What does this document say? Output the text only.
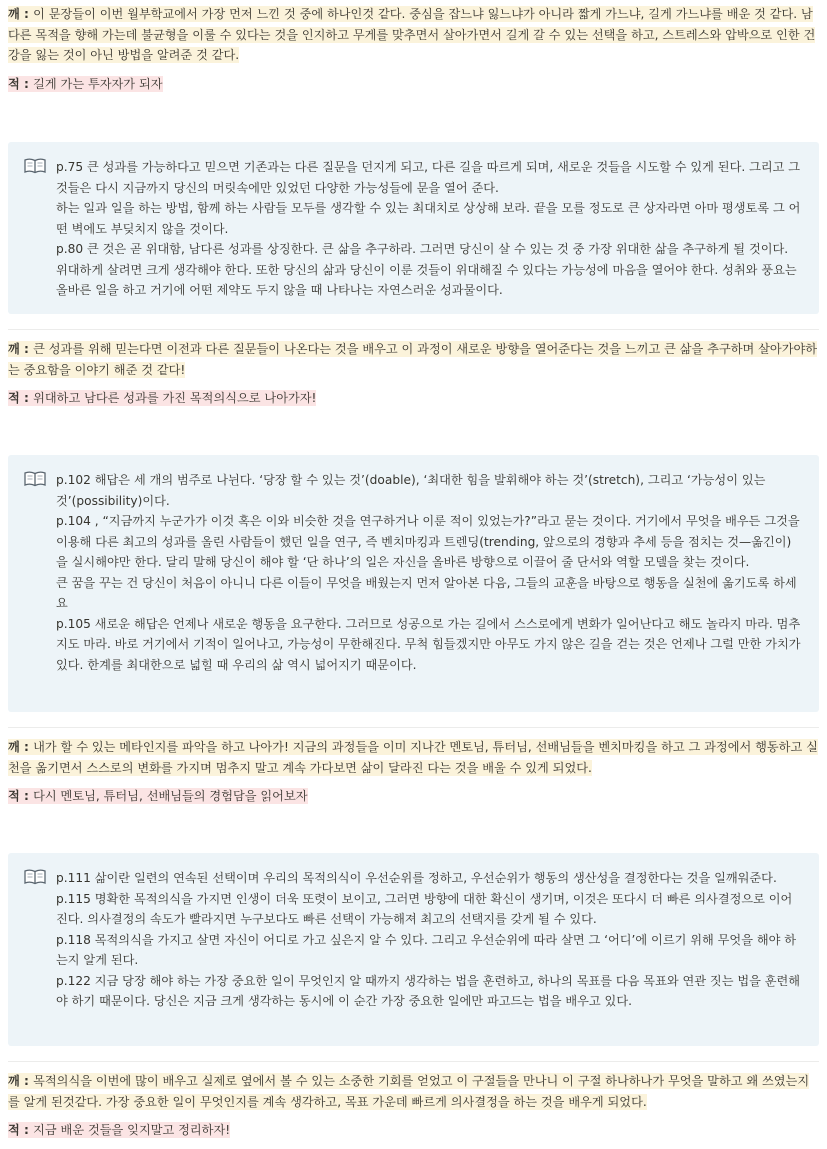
깨 : 이 문장들이 이번 월부학교에서 가장 먼저 느낀 것 중에 하나인것 같다. 중심을 잡느냐 잃느냐가 아니라 짧게 가느냐, 길게 가느냐를 배운 것 같다. 남다른 목적을 향해 가는데 불균형을 이룰 수 있다는 것을 인지하고 무게를 맞추면서 살아가면서 길게 갈 수 있는 선택을 하고, 스트레스와 압박으로 인한 건강을 잃는 것이 아닌 방법을 알려준 것 같다.
적 : 길게 가는 투자자가 되자

p.75 큰 성과를 가능하다고 믿으면 기존과는 다른 질문을 던지게 되고, 다른 길을 따르게 되며, 새로운 것들을 시도할 수 있게 된다. 그리고 그것들은 다시 지금까지 당신의 머릿속에만 있었던 다양한 가능성들에 문을 열어 준다.

하는 일과 일을 하는 방법, 함께 하는 사람들 모두를 생각할 수 있는 최대치로 상상해 보라. 끝을 모를 정도로 큰 상자라면 아마 평생토록 그 어떤 벽에도 부딪치지 않을 것이다.

p.80 큰 것은 곧 위대함, 남다른 성과를 상징한다. 큰 삶을 추구하라. 그러면 당신이 살 수 있는 것 중 가장 위대한 삶을 추구하게 될 것이다. 위대하게 살려면 크게 생각해야 한다. 또한 당신의 삶과 당신이 이룬 것들이 위대해질 수 있다는 가능성에 마음을 열어야 한다. 성취와 풍요는 올바른 일을 하고 거기에 어떤 제약도 두지 않을 때 나타나는 자연스러운 성과물이다.

깨 : 큰 성과를 위해 믿는다면 이전과 다른 질문들이 나온다는 것을 배우고 이 과정이 새로운 방향을 열어준다는 것을 느끼고 큰 삶을 추구하며 살아가야하는 중요함을 이야기 해준 것 같다!
적 : 위대하고 남다른 성과를 가진 목적의식으로 나아가자!

p.102 해답은 세 개의 범주로 나뉜다. ‘당장 할 수 있는 것’(doable), ‘최대한 힘을 발휘해야 하는 것’(stretch), 그리고 ‘가능성이 있는 것’(possibility)이다.

p.104 , “지금까지 누군가가 이것 혹은 이와 비슷한 것을 연구하거나 이룬 적이 있었는가?”라고 묻는 것이다. 거기에서 무엇을 배우든 그것을 이용해 다른 최고의 성과를 올린 사람들이 했던 일을 연구, 즉 벤치마킹과 트렌딩(trending, 앞으로의 경향과 추세 등을 점치는 것—옮긴이)을 실시해야만 한다. 달리 말해 당신이 해야 할 ‘단 하나’의 일은 자신을 올바른 방향으로 이끌어 줄 단서와 역할 모델을 찾는 것이다.

큰 꿈을 꾸는 건 당신이 처음이 아니니 다른 이들이 무엇을 배웠는지 먼저 알아본 다음, 그들의 교훈을 바탕으로 행동을 실천에 옮기도록 하세요

p.105 새로운 해답은 언제나 새로운 행동을 요구한다. 그러므로 성공으로 가는 길에서 스스로에게 변화가 일어난다고 해도 놀라지 마라. 멈추지도 마라. 바로 거기에서 기적이 일어나고, 가능성이 무한해진다. 무척 힘들겠지만 아무도 가지 않은 길을 걷는 것은 언제나 그럴 만한 가치가 있다. 한계를 최대한으로 넓힐 때 우리의 삶 역시 넓어지기 때문이다.

깨 : 내가 할 수 있는 메타인지를 파악을 하고 나아가! 지금의 과정들을 이미 지나간 멘토님, 튜터님, 선배님들을 벤치마킹을 하고 그 과정에서 행동하고 실천을 옮기면서 스스로의 변화를 가지며 멈추지 말고 계속 가다보면 삶이 달라진 다는 것을 배울 수 있게 되었다.
적 : 다시 멘토님, 튜터님, 선배님들의 경험담을 읽어보자

p.111 삶이란 일련의 연속된 선택이며 우리의 목적의식이 우선순위를 정하고, 우선순위가 행동의 생산성을 결정한다는 것을 일깨워준다.

p.115 명확한 목적의식을 가지면 인생이 더욱 또렷이 보이고, 그러면 방향에 대한 확신이 생기며, 이것은 또다시 더 빠른 의사결정으로 이어진다. 의사결정의 속도가 빨라지면 누구보다도 빠른 선택이 가능해져 최고의 선택지를 갖게 될 수 있다.

p.118 목적의식을 가지고 살면 자신이 어디로 가고 싶은지 알 수 있다. 그리고 우선순위에 따라 살면 그 ‘어디’에 이르기 위해 무엇을 해야 하는지 알게 된다.

p.122 지금 당장 해야 하는 가장 중요한 일이 무엇인지 알 때까지 생각하는 법을 훈련하고, 하나의 목표를 다음 목표와 연관 짓는 법을 훈련해야 하기 때문이다. 당신은 지금 크게 생각하는 동시에 이 순간 가장 중요한 일에만 파고드는 법을 배우고 있다.

깨 : 목적의식을 이번에 많이 배우고 실제로 옆에서 볼 수 있는 소중한 기회를 얻었고 이 구절들을 만나니 이 구절 하나하나가 무엇을 말하고 왜 쓰였는지를 알게 된것같다. 가장 중요한 일이 무엇인지를 계속 생각하고, 목표 가운데 빠르게 의사결정을 하는 것을 배우게 되었다.
적 : 지금 배운 것들을 잊지말고 정리하자!
